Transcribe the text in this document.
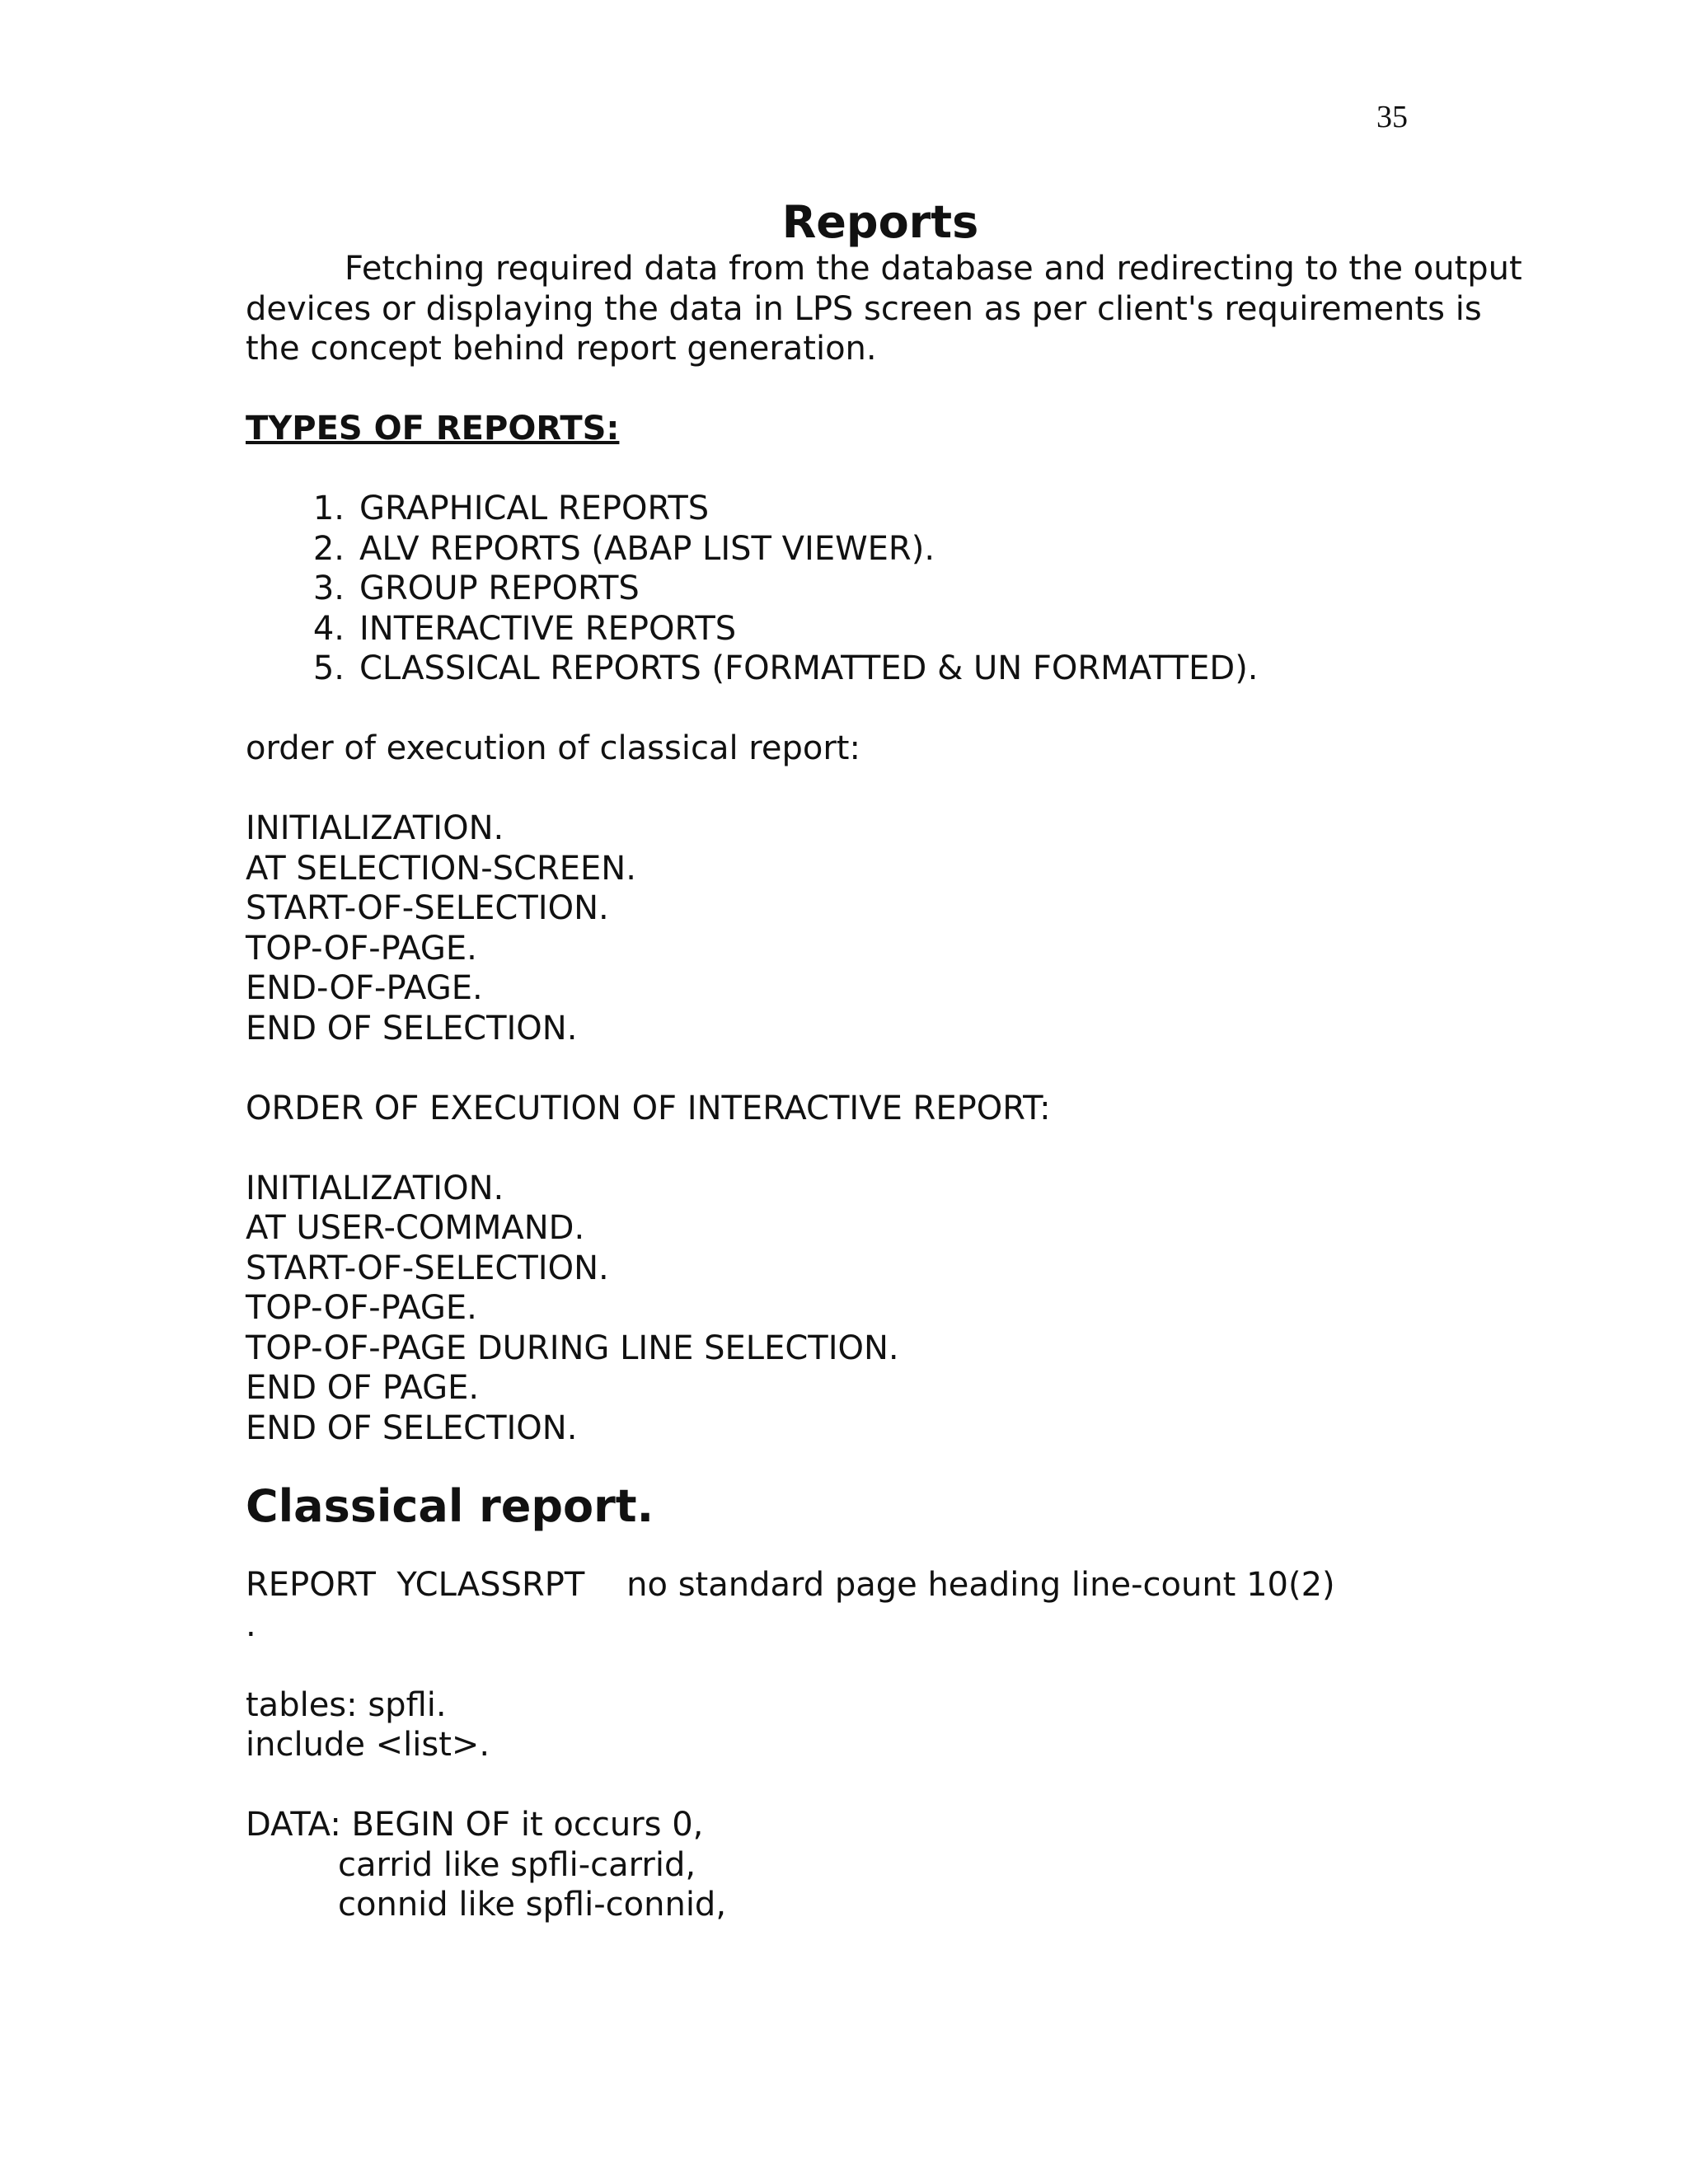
35
Reports

Fetching required data from the database and redirecting to the output
devices or displaying the data in LPS screen as per client's requirements is
the concept behind report generation.

TYPES OF REPORTS:
1. GRAPHICAL REPORTS
2. ALV REPORTS (ABAP LIST VIEWER).
3. GROUP REPORTS
4. INTERACTIVE REPORTS
5. CLASSICAL REPORTS (FORMATTED & UN FORMATTED).
order of execution of classical report:
INITIALIZATION.
AT SELECTION-SCREEN.
START-OF-SELECTION.
TOP-OF-PAGE.
END-OF-PAGE.
END OF SELECTION.
ORDER OF EXECUTION OF INTERACTIVE REPORT:
INITIALIZATION.
AT USER-COMMAND.
START-OF-SELECTION.
TOP-OF-PAGE.
TOP-OF-PAGE DURING LINE SELECTION.
END OF PAGE.
END OF SELECTION.
Classical report.
REPORT  YCLASSRPT    no standard page heading line-count 10(2)
.
tables: spfli.
include <list>.
DATA: BEGIN OF it occurs 0,
carrid like spfli-carrid,
connid like spfli-connid,
